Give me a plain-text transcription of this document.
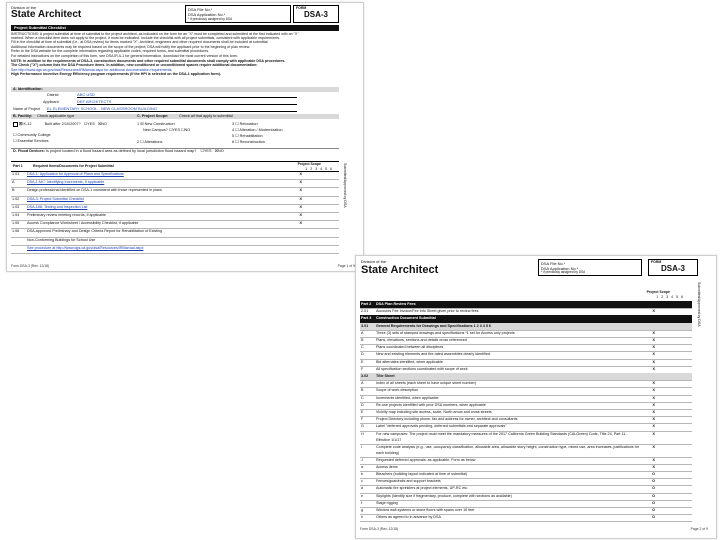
Division of the
State Architect	DSA File No.*
DSA Application No.*
* if previously assigned by DSA
FORM
DSA-3
Project Submittal Checklist
INSTRUCTIONS: A project submittal at time of submittal to the project architect, as indicated on the form for an "X" must be completed and submitted at the first indicated with an "X".
marked. When a checklist item does not apply to the project, it must be indicated. Include the checklist with all project submittals, consistent with applicable requirements.
Fill in the checklist at time of submittal (i.e., at DSA review) for items marked "X". Architect, engineers and other required documents shall be included at submittal.
Additional information documents may be required based on the scope of the project; DSA will notify the applicant prior to the beginning of plan review.
Refer to the DSA website for the complete information regarding applicable codes, required forms, and submittal procedures.
For detailed instructions on the completion of this form, see DSA IR A-1 for general information, download the most current version of this form.
NOTE: In addition to the requirements of DSA-3, construction documents and other required submittal documents shall comply with applicable DSA procedures.
The Check ("X") column lists the DSA Procedure items. In addition, new conditioned or unconditioned spaces require additional documentation:
See http://www.dgs.ca.gov/dsa/Resources/IRManual.aspx for additional documentation requirements.
High Performance Incentive Energy Efficiency program requirements (if the HPI is selected on the DSA-1 application form).
A. Identification:
District	ABC USD
Applicant	DEF ARCHITECTS
Name of Project EL ELEMENTARY SCHOOL - NEW CLASSROOM BUILDING
B. Facility: Check applicable type	C. Project Scope:	Check all that apply to submittal
☒ K-12	Built after 2/10/2007? ☐YES ☒NO
☐ Community College
☐ Essential Services
1 ☒ New Construction
New Campus? ☐YES ☐NO
2 ☐ Alterations
3 ☐ Relocation
4 ☐ Alteration / Modernization
5 ☐ Rehabilitation
6 ☐ Reconstruction
D. Flood Devices: Is project located in a flood hazard area as defined by local jurisdiction flood hazard map? ☐YES ☒NO
Part 1	Required Items/Documents for Project Submittal	Project Scope
123456 Submitted/Approved by DSA
1.01	DSA-1: Application for Approval of Plans and Specifications	X
A	DSA-1.MC: Identifying Increments, if applicable	X
B	Design professional identified on DSA-1 consistent with those represented in plans	X
1.02	DSA-3: Project Submittal Checklist	X
1.03	DSA-168: Testing and Inspection List	X
1.04	Preliminary review meeting records, if applicable	X
1.05	Access Compliance Worksheet / Accessibility Checklist, if applicable	X
1.06	DSA-approved Preliminary and Design Criteria Report for Rehabilitation of Existing
Non-Conforming Buildings for School Use
See procedure at http://www.dgs.ca.gov/dsa/Resources/IRManual.aspx
Form DSA-3 (Rev. 12/18)	Page 1 of 9
Division of the
State Architect
DSA File No.*
DSA Application No.*
* if previously assigned by DSA
FORM
DSA-3
Project Scope
123456	Submitted/Approved by DSA
Part 2	DSA Plan Review Fees
2.01	Accounts Fee Invoice/Fee Info Sheet given prior to review fees	X
Part 3	Construction Document Submittal
3.01	General Requirements for Drawings and Specifications 1 2 3 4 5 6
A	Three (3) sets of stamped drawings and specifications *1 set for Access only projects	X
B	Plans, elevations, sections and details cross referenced	X
C	Plans coordinated between all disciplines	X
D	New and existing elements and fire-rated assemblies clearly identified	X
E	Bid alternates identified, when applicable	X
F	All specification sections coordinated with scope of work	X
3.02	Title Sheet
A	Index of all sheets (each sheet to have unique sheet number)	X
B	Scope of work description	X
C	Increments identified, when applicable	X
D	Re-use projects identified with prior DSA numbers, when applicable	X
E	Vicinity map including site access, scale, North arrow and cross streets	X
F	Project Directory including phone, fax and address for owner, architect and consultants	X
G	Label "deferred approvals pending, deferred submittals and separate approvals"	X
H	For new campuses: The project must meet the mandatory measures of the 2017 California Green Building Standards (CALGreen) Code, Title 24, Part 11 - Effective 1/1/17
X
I	Complete code analysis (e.g., use, occupancy classification, allowable area, allowable story height, construction type, mixed use, area increases, justifications for each building)
X
J	Requested deferred approvals, as applicable. Form as below	X
a	Access items	X
b	Bleachers (building layout indicated at time of submittal)	O
c	Fences/guardrails and support brackets	O
d	Automatic fire sprinklers at project elements, UP-RC etc.	O
e	Skylights (identify size if fragmentary, produce, complete with sections as available)	O
f	Stage rigging	O
g	Window wall systems or stone floors with spans over 10 feet	O
h	Others as agreed to in advance by DSA	O
Form DSA-3 (Rev. 12/18)	Page 2 of 9
